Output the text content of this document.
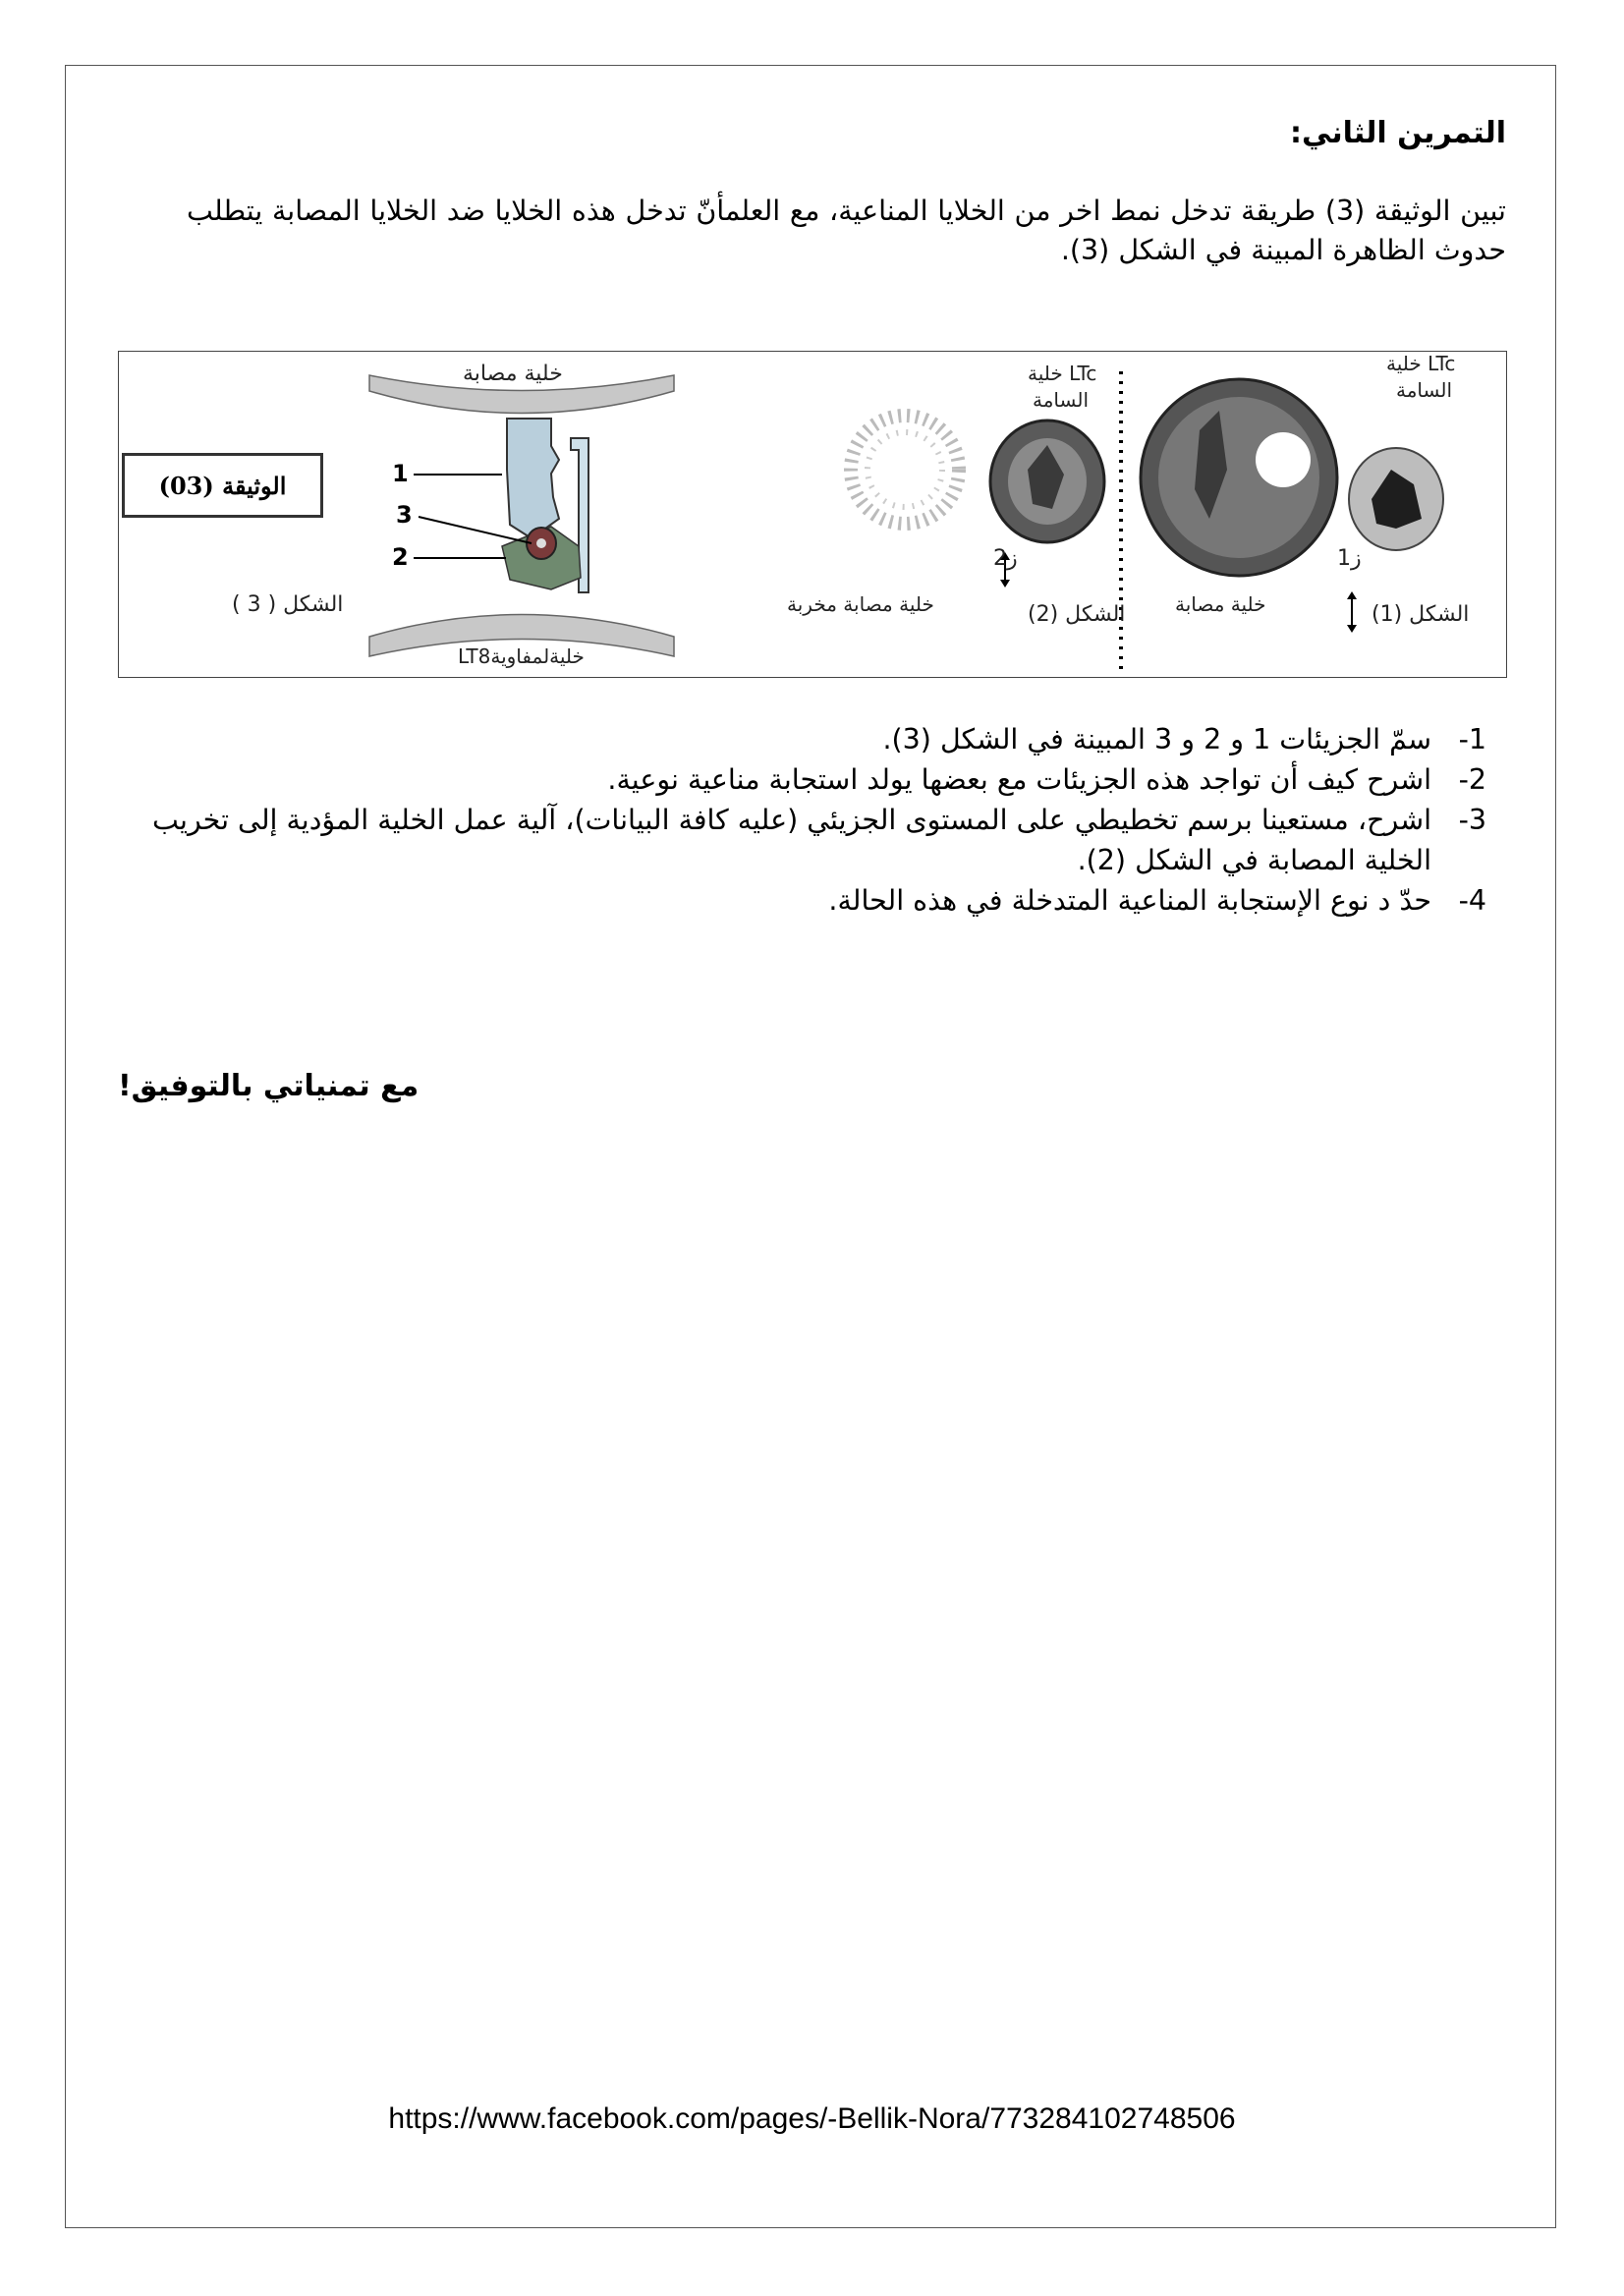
التمرين الثاني:
تبين الوثيقة (3) طريقة تدخل نمط اخر من الخلايا المناعية، مع العلمأنّ تدخل هذه الخلايا ضد الخلايا المصابة يتطلب حدوث الظاهرة المبينة في الشكل (3).
الوثيقة (03)
خلية مصابة
1
3
2
الشكل ( 3 )
خليةلمفاويةLT8
LTc خلية
السامة
ز2
خلية مصابة مخربة	الشكل (2)
LTc خلية
السامة
ز1
خلية مصابة	الشكل (1)
1-
سمّ الجزيئات 1 و 2 و 3 المبينة في الشكل (3).
2-
اشرح كيف أن تواجد هذه الجزيئات مع بعضها يولد استجابة مناعية نوعية.
3-
اشرح، مستعينا برسم تخطيطي على المستوى الجزيئي (عليه كافة البيانات)، آلية عمل الخلية المؤدية إلى تخريب الخلية المصابة في الشكل (2).
4-
حدّ د نوع الإستجابة المناعية المتدخلة في هذه الحالة.
مع تمنياتي بالتوفيق!
https://www.facebook.com/pages/-Bellik-Nora/773284102748506
